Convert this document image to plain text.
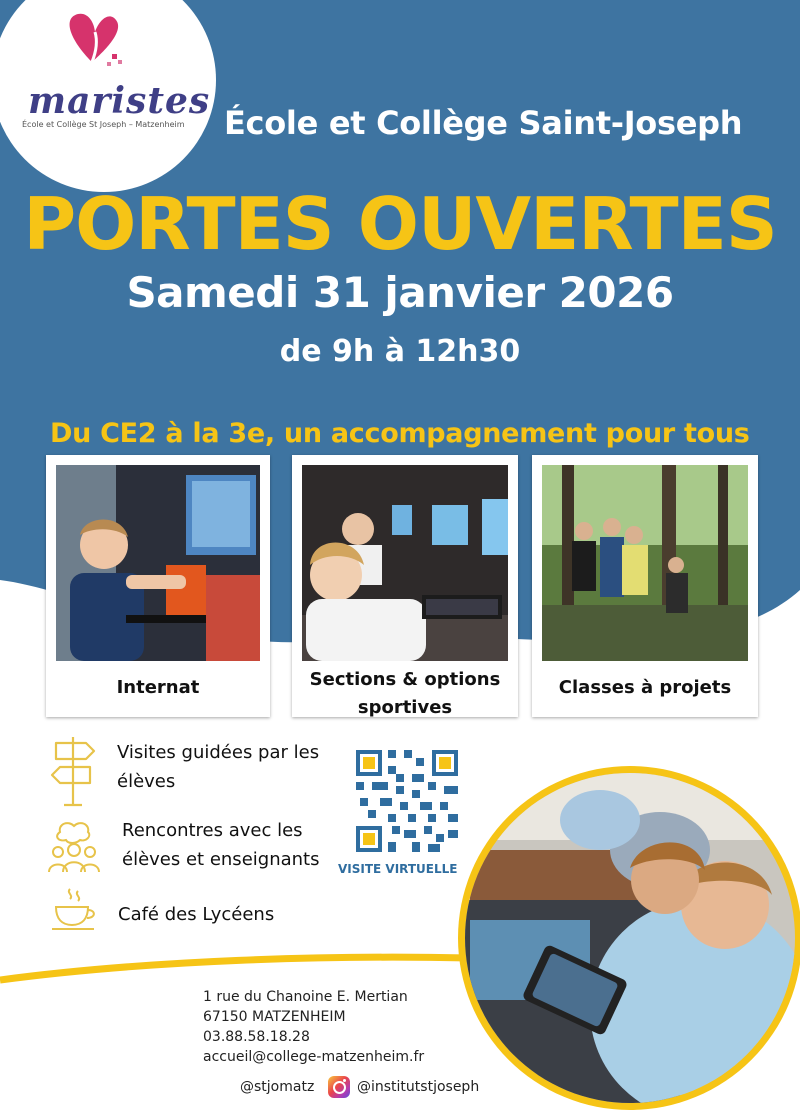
maristes
École et Collège St Joseph – Matzenheim École et Collège Saint-Joseph
PORTES OUVERTES
Samedi 31 janvier 2026
de 9h à 12h30
Du CE2 à la 3e, un accompagnement pour tous
Internat	Sections & options
sportives
Classes à projets
Visites guidées par les
élèves
Rencontres avec les
élèves et enseignants
Café des Lycéens
VISITE VIRTUELLE
1 rue du Chanoine E. Mertian
67150 MATZENHEIM
03.88.58.18.28
accueil@college-matzenheim.fr
@stjomatz	@institutstjoseph
